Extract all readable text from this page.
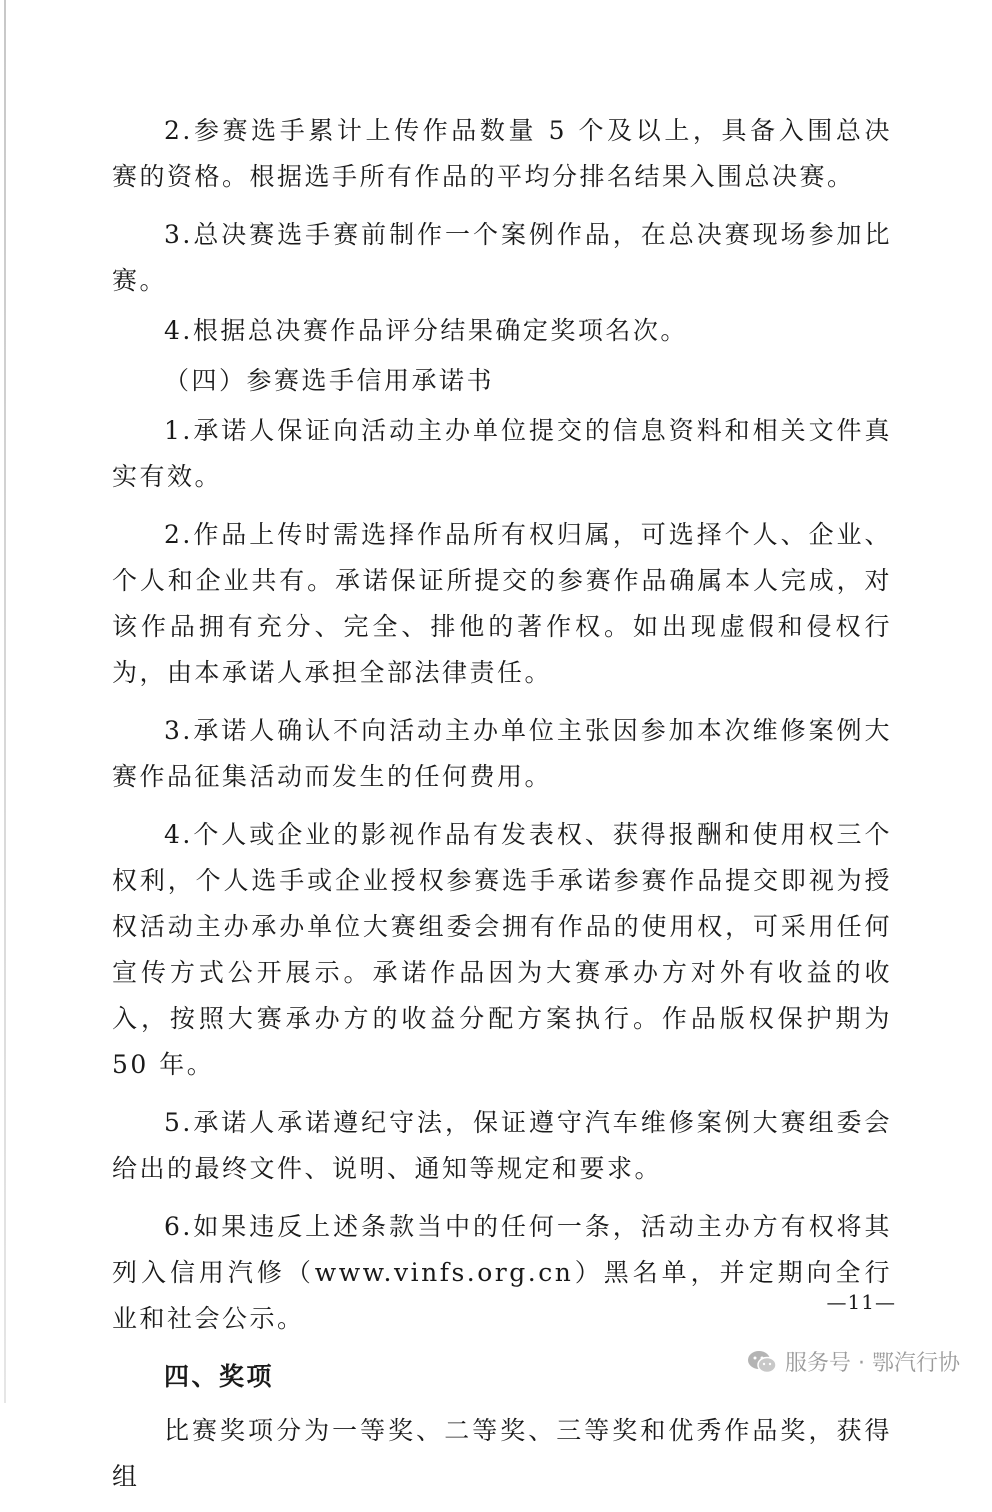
2.参赛选手累计上传作品数量 5 个及以上，具备入围总决赛的资格。根据选手所有作品的平均分排名结果入围总决赛。

3.总决赛选手赛前制作一个案例作品，在总决赛现场参加比赛。

4.根据总决赛作品评分结果确定奖项名次。

（四）参赛选手信用承诺书

1.承诺人保证向活动主办单位提交的信息资料和相关文件真实有效。

2.作品上传时需选择作品所有权归属，可选择个人、企业、个人和企业共有。承诺保证所提交的参赛作品确属本人完成，对该作品拥有充分、完全、排他的著作权。如出现虚假和侵权行为，由本承诺人承担全部法律责任。

3.承诺人确认不向活动主办单位主张因参加本次维修案例大赛作品征集活动而发生的任何费用。

4.个人或企业的影视作品有发表权、获得报酬和使用权三个权利，个人选手或企业授权参赛选手承诺参赛作品提交即视为授权活动主办承办单位大赛组委会拥有作品的使用权，可采用任何宣传方式公开展示。承诺作品因为大赛承办方对外有收益的收入，按照大赛承办方的收益分配方案执行。作品版权保护期为 50 年。

5.承诺人承诺遵纪守法，保证遵守汽车维修案例大赛组委会给出的最终文件、说明、通知等规定和要求。

6.如果违反上述条款当中的任何一条，活动主办方有权将其列入信用汽修（www.vinfs.org.cn）黑名单，并定期向全行业和社会公示。

四、奖项

比赛奖项分为一等奖、二等奖、三等奖和优秀作品奖，获得组

—11—
服务号 · 鄂汽行协
